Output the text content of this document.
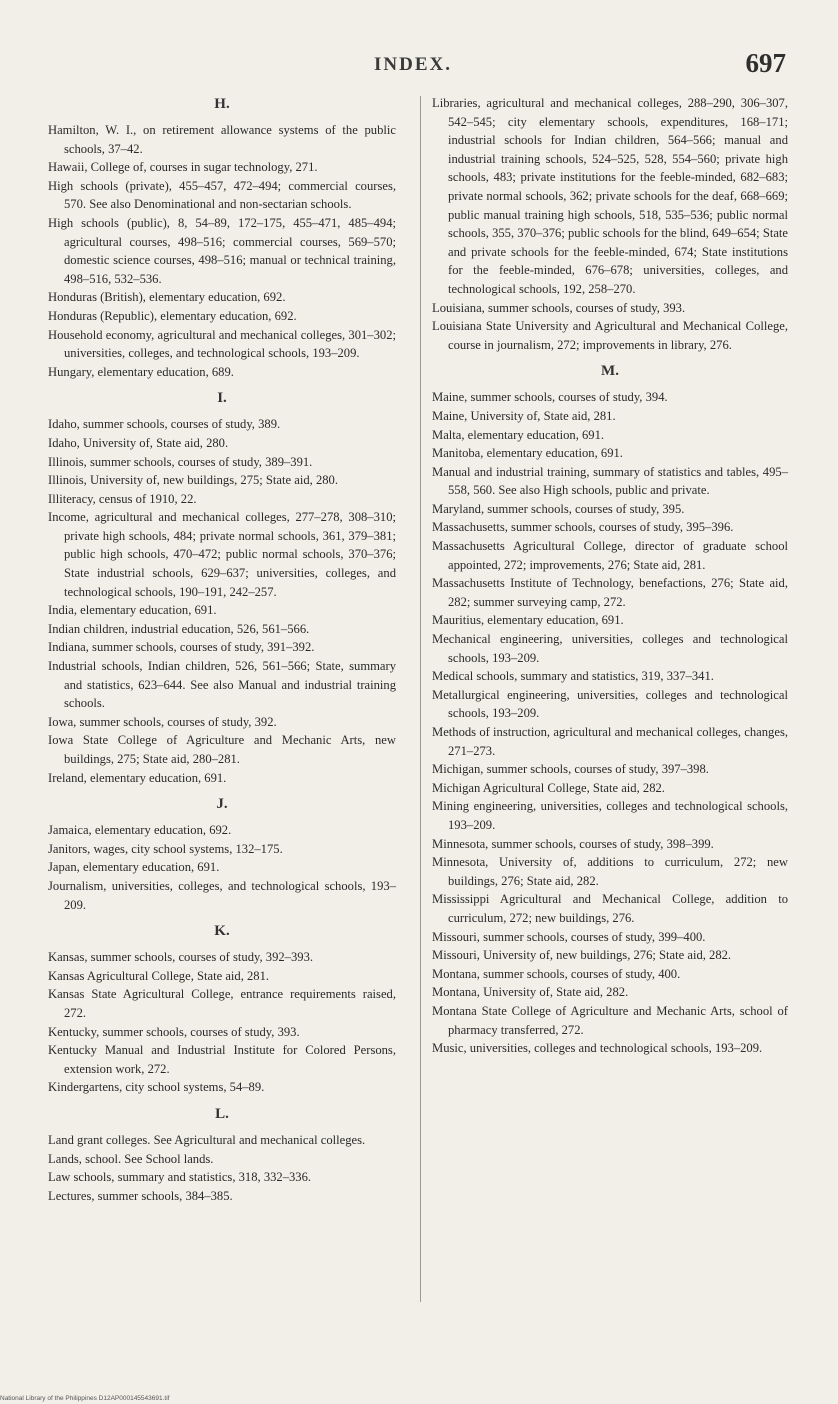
INDEX.	697
H.

Hamilton, W. I., on retirement allowance systems of the public schools, 37–42.

Hawaii, College of, courses in sugar technology, 271.

High schools (private), 455–457, 472–494; commercial courses, 570. See also Denominational and non-sectarian schools.

High schools (public), 8, 54–89, 172–175, 455–471, 485–494; agricultural courses, 498–516; commercial courses, 569–570; domestic science courses, 498–516; manual or technical training, 498–516, 532–536.

Honduras (British), elementary education, 692.

Honduras (Republic), elementary education, 692.

Household economy, agricultural and mechanical colleges, 301–302; universities, colleges, and technological schools, 193–209.

Hungary, elementary education, 689.

I.

Idaho, summer schools, courses of study, 389.

Idaho, University of, State aid, 280.

Illinois, summer schools, courses of study, 389–391.

Illinois, University of, new buildings, 275; State aid, 280.

Illiteracy, census of 1910, 22.

Income, agricultural and mechanical colleges, 277–278, 308–310; private high schools, 484; private normal schools, 361, 379–381; public high schools, 470–472; public normal schools, 370–376; State industrial schools, 629–637; universities, colleges, and technological schools, 190–191, 242–257.

India, elementary education, 691.

Indian children, industrial education, 526, 561–566.

Indiana, summer schools, courses of study, 391–392.

Industrial schools, Indian children, 526, 561–566; State, summary and statistics, 623–644. See also Manual and industrial training schools.

Iowa, summer schools, courses of study, 392.

Iowa State College of Agriculture and Mechanic Arts, new buildings, 275; State aid, 280–281.

Ireland, elementary education, 691.

J.

Jamaica, elementary education, 692.

Janitors, wages, city school systems, 132–175.

Japan, elementary education, 691.

Journalism, universities, colleges, and technological schools, 193–209.

K.

Kansas, summer schools, courses of study, 392–393.

Kansas Agricultural College, State aid, 281.

Kansas State Agricultural College, entrance requirements raised, 272.

Kentucky, summer schools, courses of study, 393.

Kentucky Manual and Industrial Institute for Colored Persons, extension work, 272.

Kindergartens, city school systems, 54–89.

L.

Land grant colleges. See Agricultural and mechanical colleges.

Lands, school. See School lands.

Law schools, summary and statistics, 318, 332–336.

Lectures, summer schools, 384–385.

Libraries, agricultural and mechanical colleges, 288–290, 306–307, 542–545; city elementary schools, expenditures, 168–171; industrial schools for Indian children, 564–566; manual and industrial training schools, 524–525, 528, 554–560; private high schools, 483; private institutions for the feeble-minded, 682–683; private normal schools, 362; private schools for the deaf, 668–669; public manual training high schools, 518, 535–536; public normal schools, 355, 370–376; public schools for the blind, 649–654; State and private schools for the feeble-minded, 674; State institutions for the feeble-minded, 676–678; universities, colleges, and technological schools, 192, 258–270.

Louisiana, summer schools, courses of study, 393.

Louisiana State University and Agricultural and Mechanical College, course in journalism, 272; improvements in library, 276.

M.

Maine, summer schools, courses of study, 394.

Maine, University of, State aid, 281.

Malta, elementary education, 691.

Manitoba, elementary education, 691.

Manual and industrial training, summary of statistics and tables, 495–558, 560. See also High schools, public and private.

Maryland, summer schools, courses of study, 395.

Massachusetts, summer schools, courses of study, 395–396.

Massachusetts Agricultural College, director of graduate school appointed, 272; improvements, 276; State aid, 281.

Massachusetts Institute of Technology, benefactions, 276; State aid, 282; summer surveying camp, 272.

Mauritius, elementary education, 691.

Mechanical engineering, universities, colleges and technological schools, 193–209.

Medical schools, summary and statistics, 319, 337–341.

Metallurgical engineering, universities, colleges and technological schools, 193–209.

Methods of instruction, agricultural and mechanical colleges, changes, 271–273.

Michigan, summer schools, courses of study, 397–398.

Michigan Agricultural College, State aid, 282.

Mining engineering, universities, colleges and technological schools, 193–209.

Minnesota, summer schools, courses of study, 398–399.

Minnesota, University of, additions to curriculum, 272; new buildings, 276; State aid, 282.

Mississippi Agricultural and Mechanical College, addition to curriculum, 272; new buildings, 276.

Missouri, summer schools, courses of study, 399–400.

Missouri, University of, new buildings, 276; State aid, 282.

Montana, summer schools, courses of study, 400.

Montana, University of, State aid, 282.

Montana State College of Agriculture and Mechanic Arts, school of pharmacy transferred, 272.

Music, universities, colleges and technological schools, 193–209.

National Library of the Philippines D12AP000145543691.tif
